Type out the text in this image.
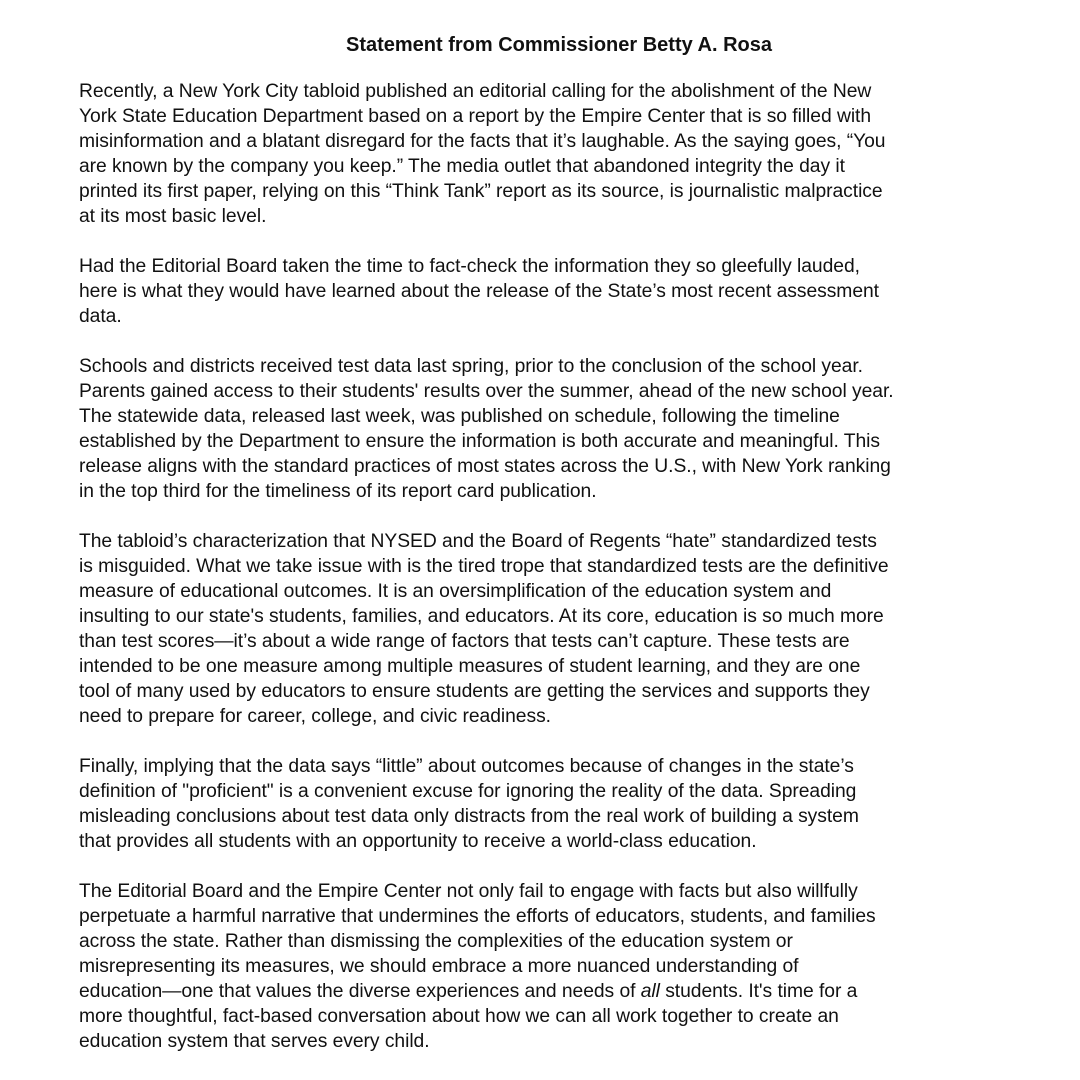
Statement from Commissioner Betty A. Rosa
Recently, a New York City tabloid published an editorial calling for the abolishment of the New
York State Education Department based on a report by the Empire Center that is so filled with
misinformation and a blatant disregard for the facts that it’s laughable. As the saying goes, “You
are known by the company you keep.” The media outlet that abandoned integrity the day it
printed its first paper, relying on this “Think Tank” report as its source, is journalistic malpractice
at its most basic level.
Had the Editorial Board taken the time to fact-check the information they so gleefully lauded,
here is what they would have learned about the release of the State’s most recent assessment
data.
Schools and districts received test data last spring, prior to the conclusion of the school year.
Parents gained access to their students' results over the summer, ahead of the new school year.
The statewide data, released last week, was published on schedule, following the timeline
established by the Department to ensure the information is both accurate and meaningful. This
release aligns with the standard practices of most states across the U.S., with New York ranking
in the top third for the timeliness of its report card publication.
The tabloid’s characterization that NYSED and the Board of Regents “hate” standardized tests
is misguided. What we take issue with is the tired trope that standardized tests are the definitive
measure of educational outcomes. It is an oversimplification of the education system and
insulting to our state's students, families, and educators. At its core, education is so much more
than test scores—it’s about a wide range of factors that tests can’t capture. These tests are
intended to be one measure among multiple measures of student learning, and they are one
tool of many used by educators to ensure students are getting the services and supports they
need to prepare for career, college, and civic readiness.
Finally, implying that the data says “little” about outcomes because of changes in the state’s
definition of "proficient" is a convenient excuse for ignoring the reality of the data. Spreading
misleading conclusions about test data only distracts from the real work of building a system
that provides all students with an opportunity to receive a world-class education.
The Editorial Board and the Empire Center not only fail to engage with facts but also willfully
perpetuate a harmful narrative that undermines the efforts of educators, students, and families
across the state. Rather than dismissing the complexities of the education system or
misrepresenting its measures, we should embrace a more nuanced understanding of
education—one that values the diverse experiences and needs of all students. It's time for a
more thoughtful, fact-based conversation about how we can all work together to create an
education system that serves every child.
